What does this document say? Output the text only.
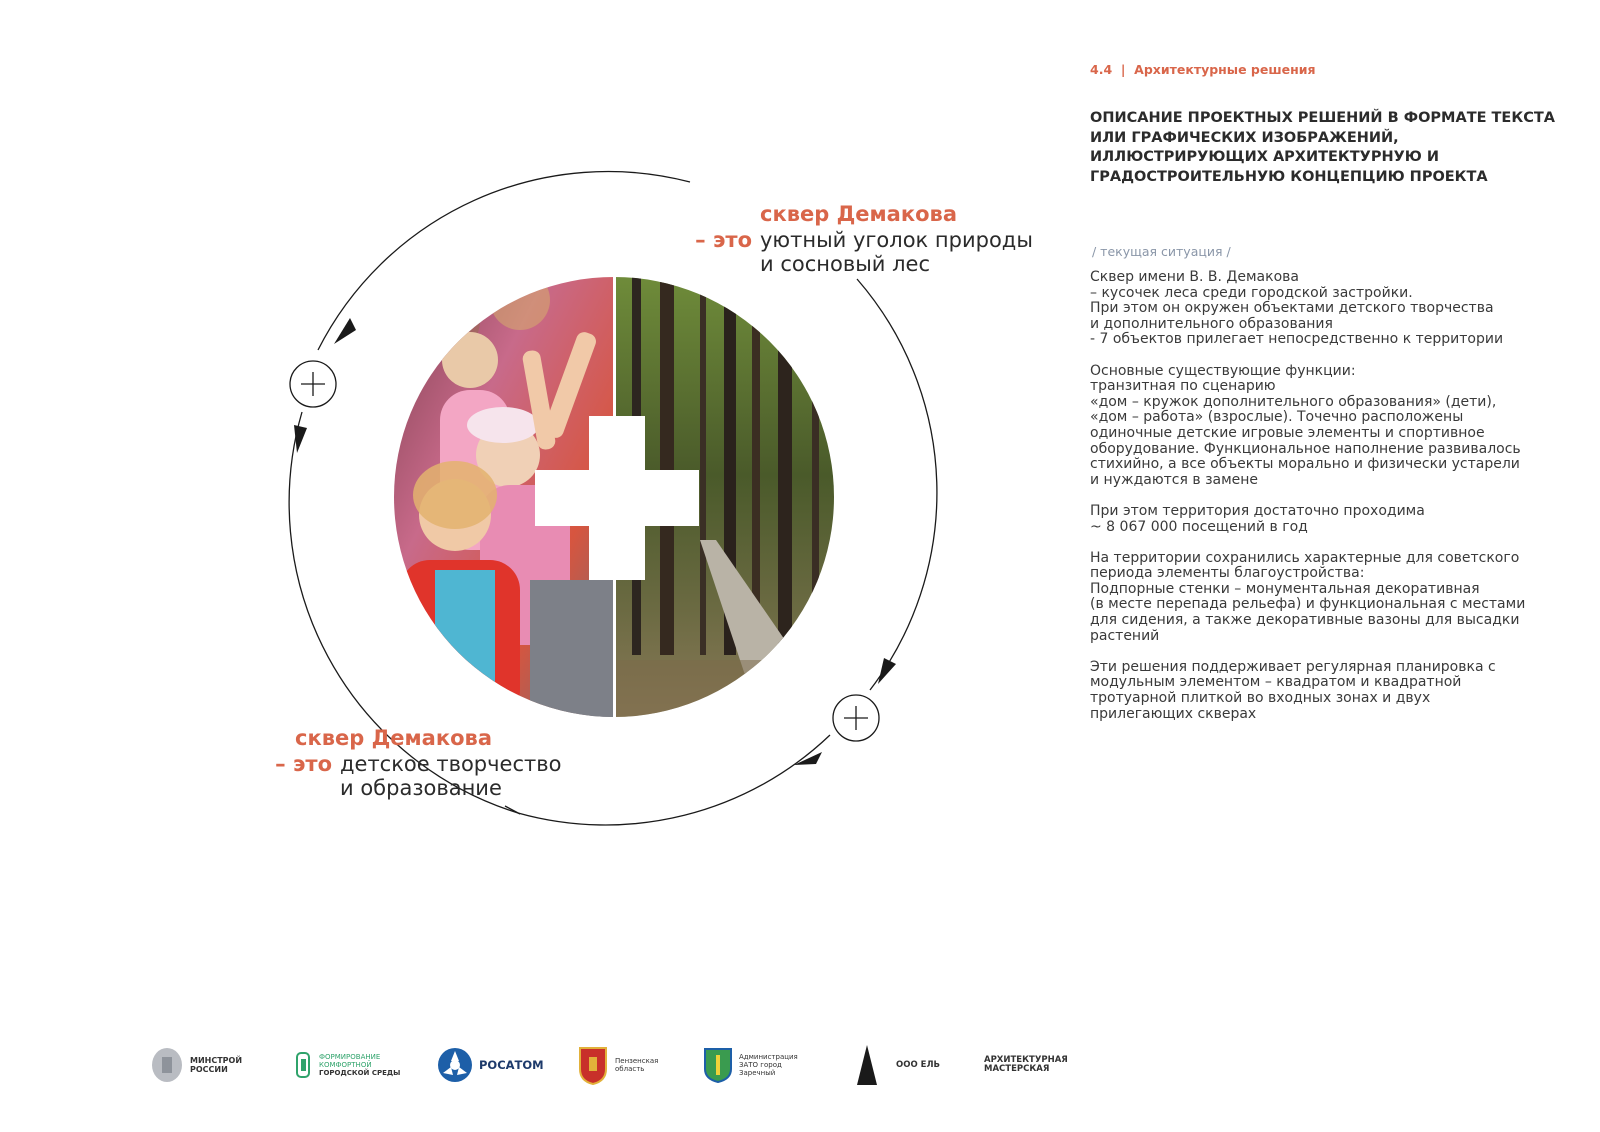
4.4 | Архитектурные решения
ОПИСАНИЕ ПРОЕКТНЫХ РЕШЕНИЙ В ФОРМАТЕ ТЕКСТА ИЛИ ГРАФИЧЕСКИХ ИЗОБРАЖЕНИЙ, ИЛЛЮСТРИРУЮЩИХ АРХИТЕКТУРНУЮ И ГРАДОСТРОИТЕЛЬНУЮ КОНЦЕПЦИЮ ПРОЕКТА
сквер Демакова
– это уютный уголок природы
и сосновый лес
сквер Демакова
– это детское творчество
и образование
/ текущая ситуация /

Сквер имени В. В. Демакова
– кусочек леса среди городской застройки.
При этом он окружен объектами детского творчества
и дополнительного образования
- 7 объектов прилегает непосредственно к территории

Основные существующие функции:
транзитная по сценарию
«дом – кружок дополнительного образования» (дети),
«дом – работа» (взрослые). Точечно расположены
одиночные детские игровые элементы и спортивное
оборудование. Функциональное наполнение развивалось
стихийно, а все объекты морально и физически устарели
и нуждаются в замене

При этом территория достаточно проходима
~ 8 067 000 посещений в год

На территории сохранились характерные для советского
периода элементы благоустройства:
Подпорные стенки – монументальная декоративная
(в месте перепада рельефа) и функциональная с местами
для сидения, а также декоративные вазоны для высадки
растений

Эти решения поддерживает регулярная планировка с
модульным элементом – квадратом и квадратной
тротуарной плиткой во входных зонах и двух
прилегающих скверах

МИНСТРОЙ
РОССИИ
ФОРМИРОВАНИЕ
КОМФОРТНОЙ
ГОРОДСКОЙ СРЕДЫ
РОСАТОМ	Пензенская
область
Администрация
ЗАТО город
Заречный
ООО ЕЛЬ	АРХИТЕКТУРНАЯ МАСТЕРСКАЯ
